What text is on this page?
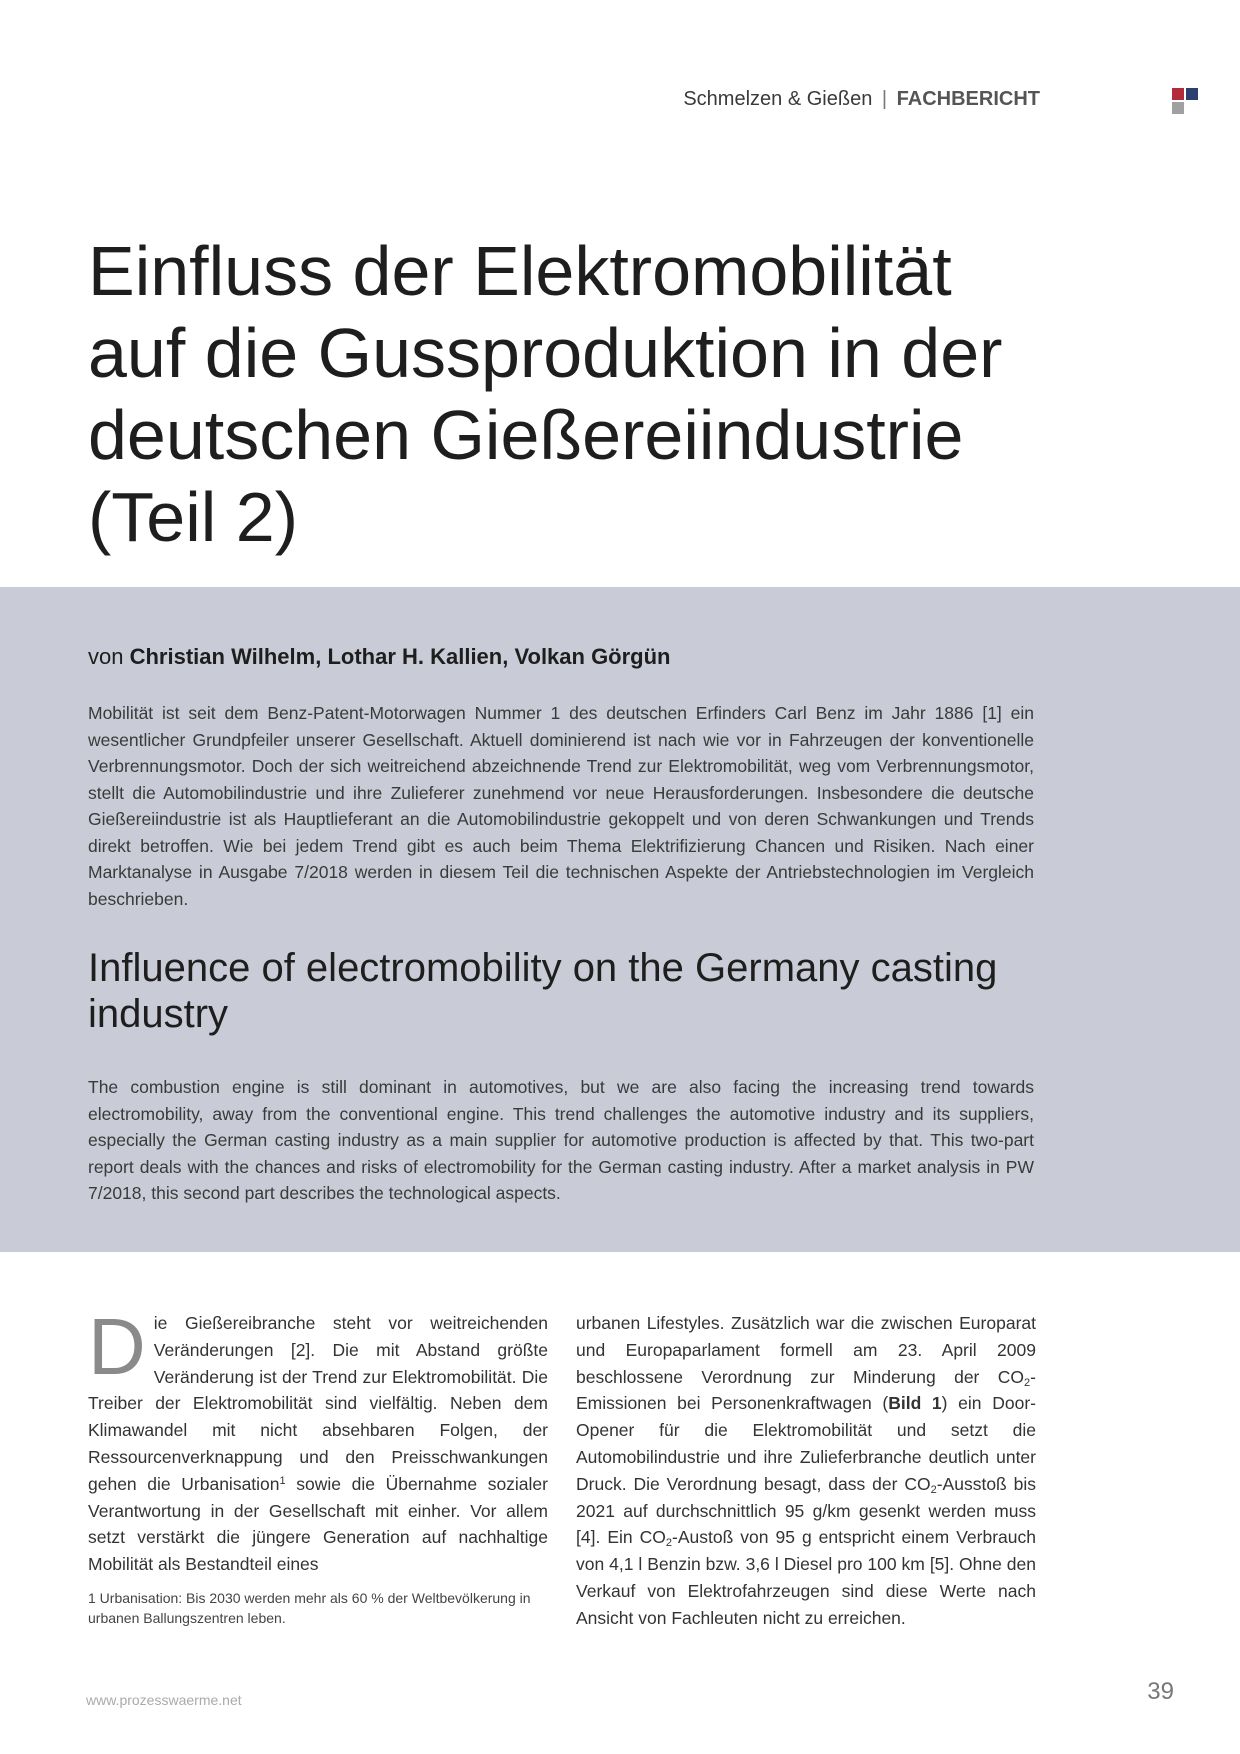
Schmelzen & Gießen | FACHBERICHT
Einfluss der Elektromobilität
auf die Gussproduktion in der
deutschen Gießereiindustrie
(Teil 2)

von Christian Wilhelm, Lothar H. Kallien, Volkan Görgün

Mobilität ist seit dem Benz-Patent-Motorwagen Nummer 1 des deutschen Erfinders Carl Benz im Jahr 1886 [1] ein wesentlicher Grundpfeiler unserer Gesellschaft. Aktuell dominierend ist nach wie vor in Fahrzeugen der konventionelle Verbrennungsmotor. Doch der sich weitreichend abzeichnende Trend zur Elektromobilität, weg vom Verbrennungsmotor, stellt die Automobilindustrie und ihre Zulieferer zunehmend vor neue Herausforderungen. Insbesondere die deutsche Gießereiindustrie ist als Hauptlieferant an die Automobilindustrie gekoppelt und von deren Schwankungen und Trends direkt betroffen. Wie bei jedem Trend gibt es auch beim Thema Elektrifizierung Chancen und Risiken. Nach einer Marktanalyse in Ausgabe 7/2018 werden in diesem Teil die technischen Aspekte der Antriebstechnologien im Vergleich beschrieben.

Influence of electromobility on the Germany casting industry

The combustion engine is still dominant in automotives, but we are also facing the increasing trend towards electromobility, away from the conventional engine. This trend challenges the automotive industry and its suppliers, especially the German casting industry as a main supplier for automotive production is affected by that. This two-part report deals with the chances and risks of electromobility for the German casting industry. After a market analysis in PW 7/2018, this second part describes the technological aspects.

Die Gießereibranche steht vor weitreichenden Veränderungen [2]. Die mit Abstand größte Veränderung ist der Trend zur Elektromobilität. Die Treiber der Elektromobilität sind vielfältig. Neben dem Klimawandel mit nicht absehbaren Folgen, der Ressourcenverknappung und den Preisschwankungen gehen die Urbanisation$^1$ sowie die Übernahme sozialer Verantwortung in der Gesellschaft mit einher. Vor allem setzt verstärkt die jüngere Generation auf nachhaltige Mobilität als Bestandteil eines

urbanen Lifestyles. Zusätzlich war die zwischen Europarat und Europaparlament formell am 23. April 2009 beschlossene Verordnung zur Minderung der $CO_2$-Emissionen bei Personenkraftwagen (Bild 1) ein Door-Opener für die Elektromobilität und setzt die Automobilindustrie und ihre Zulieferbranche deutlich unter Druck. Die Verordnung besagt, dass der $CO_2$-Ausstoß bis 2021 auf durchschnittlich 95 g/km gesenkt werden muss [4]. Ein $CO_2$-Austoß von 95 g entspricht einem Verbrauch von 4,1 l Benzin bzw. 3,6 l Diesel pro 100 km [5]. Ohne den Verkauf von Elektrofahrzeugen sind diese Werte nach Ansicht von Fachleuten nicht zu erreichen.

1 Urbanisation: Bis 2030 werden mehr als 60 % der Weltbevölkerung in urbanen Ballungszentren leben.

www.prozesswaerme.net	39
